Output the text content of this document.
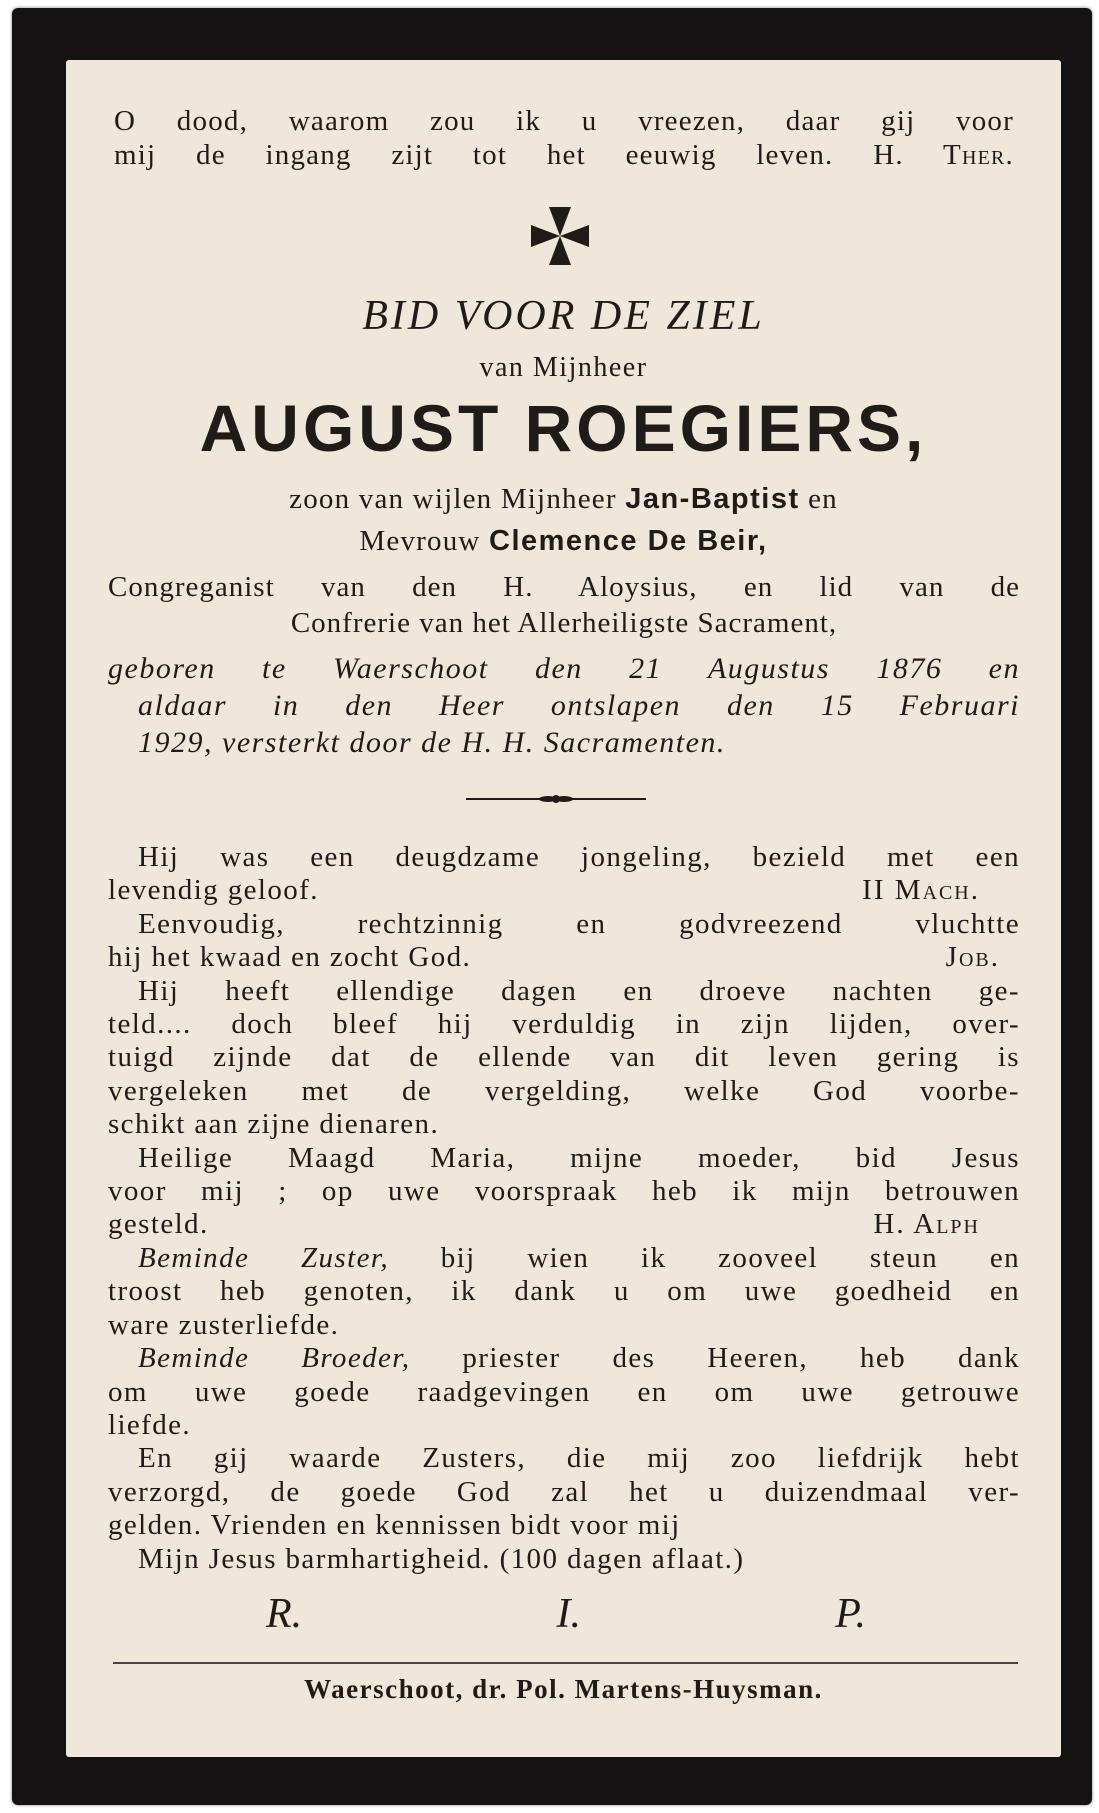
O dood, waarom zou ik u vreezen, daar gij voor
mij de ingang zijt tot het eeuwig leven. H. Ther.
BID VOOR DE ZIEL
van Mijnheer
AUGUST ROEGIERS,
zoon van wijlen Mijnheer Jan-Baptist en
Mevrouw Clemence De Beir,
Congreganist van den H. Aloysius, en lid van de
Confrerie van het Allerheiligste Sacrament,
geboren te Waerschoot den 21 Augustus 1876 en
aldaar in den Heer ontslapen den 15 Februari
1929, versterkt door de H. H. Sacramenten.
Hij was een deugdzame jongeling, bezield met een
levendig geloof.	II Mach.
Eenvoudig, rechtzinnig en godvreezend vluchtte
hij het kwaad en zocht God.	Job.
Hij heeft ellendige dagen en droeve nachten ge-
teld.... doch bleef hij verduldig in zijn lijden, over-
tuigd zijnde dat de ellende van dit leven gering is
vergeleken met de vergelding, welke God voorbe-
schikt aan zijne dienaren.
Heilige Maagd Maria, mijne moeder, bid Jesus
voor mij ; op uwe voorspraak heb ik mijn betrouwen
gesteld.	H. Alph
Beminde Zuster, bij wien ik zooveel steun en
troost heb genoten, ik dank u om uwe goedheid en
ware zusterliefde.
Beminde Broeder, priester des Heeren, heb dank
om uwe goede raadgevingen en om uwe getrouwe
liefde.
En gij waarde Zusters, die mij zoo liefdrijk hebt
verzorgd, de goede God zal het u duizendmaal ver-
gelden. Vrienden en kennissen bidt voor mij
Mijn Jesus barmhartigheid. (100 dagen aflaat.)
R.	I.	P.
Waerschoot, dr. Pol. Martens-Huysman.
